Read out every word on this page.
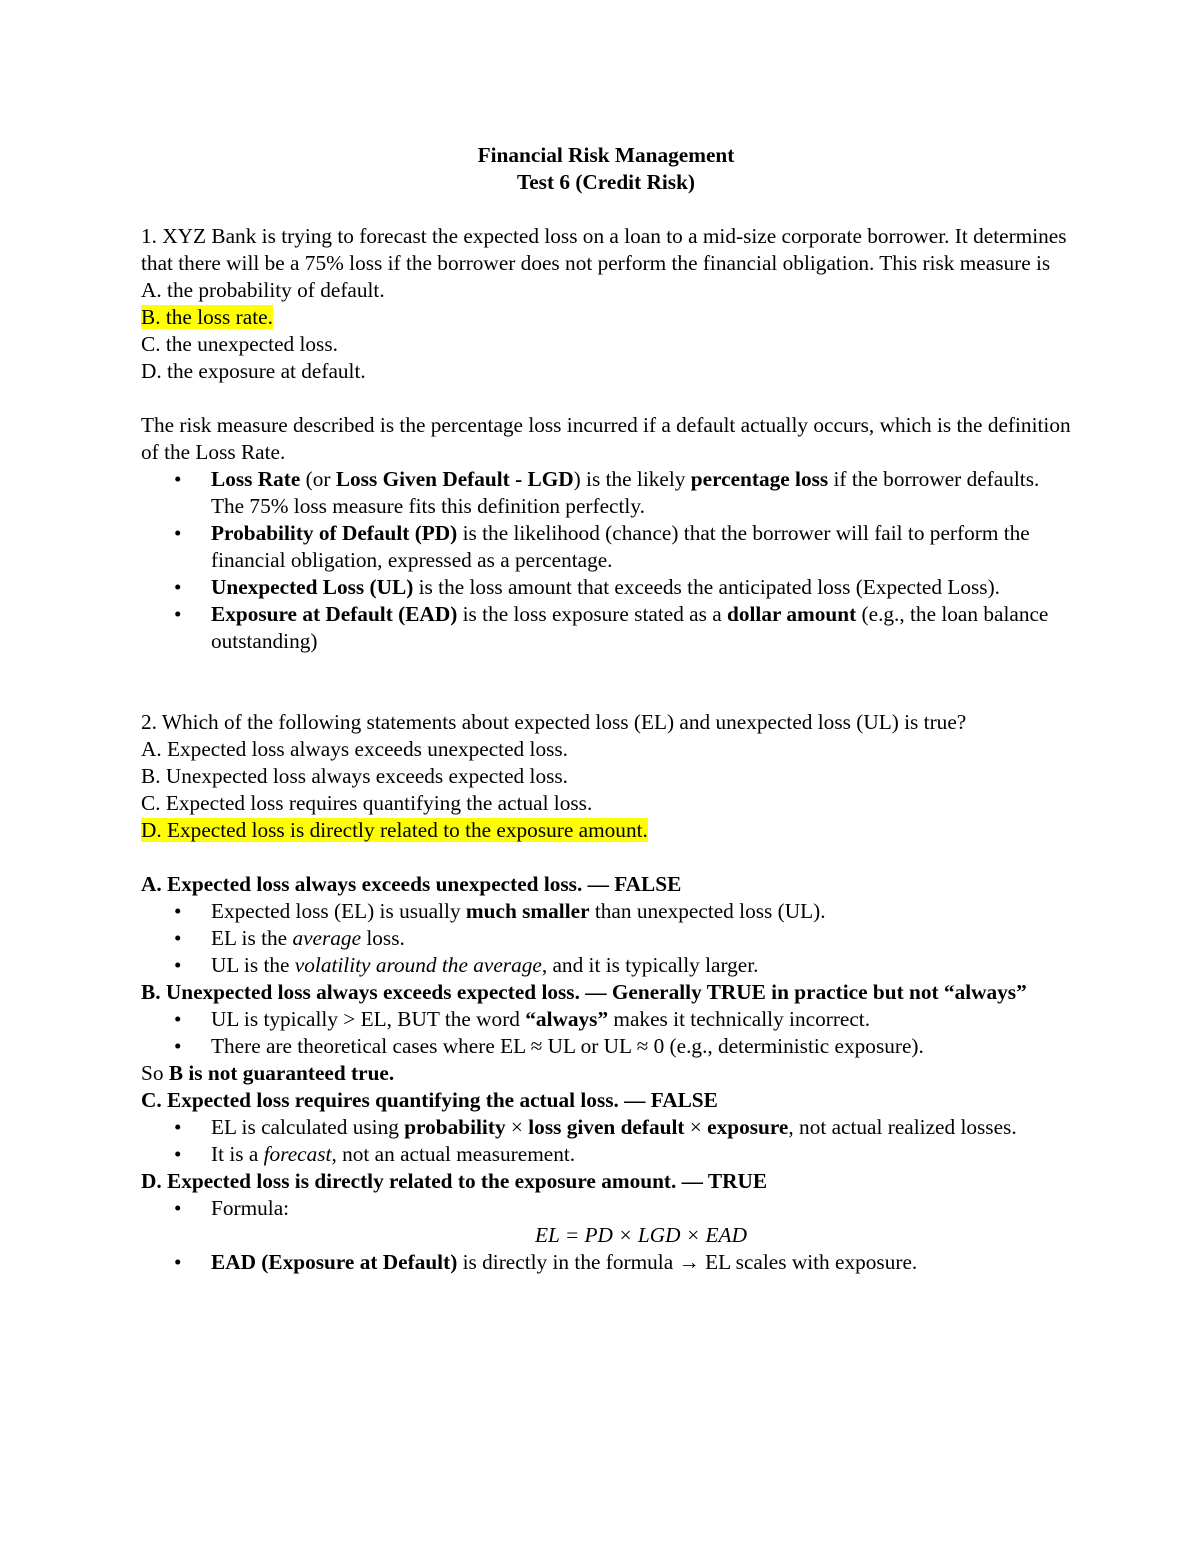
Financial Risk Management

Test 6 (Credit Risk)

1. XYZ Bank is trying to forecast the expected loss on a loan to a mid-size corporate borrower. It determines that there will be a 75% loss if the borrower does not perform the financial obligation. This risk measure is

A. the probability of default.

B. the loss rate.

C. the unexpected loss.

D. the exposure at default.

The risk measure described is the percentage loss incurred if a default actually occurs, which is the definition of the Loss Rate.

• Loss Rate (or Loss Given Default - LGD) is the likely percentage loss if the borrower defaults. The 75% loss measure fits this definition perfectly.
• Probability of Default (PD) is the likelihood (chance) that the borrower will fail to perform the financial obligation, expressed as a percentage.
• Unexpected Loss (UL) is the loss amount that exceeds the anticipated loss (Expected Loss).
• Exposure at Default (EAD) is the loss exposure stated as a dollar amount (e.g., the loan balance outstanding)

2. Which of the following statements about expected loss (EL) and unexpected loss (UL) is true?

A. Expected loss always exceeds unexpected loss.

B. Unexpected loss always exceeds expected loss.

C. Expected loss requires quantifying the actual loss.

D. Expected loss is directly related to the exposure amount.

A. Expected loss always exceeds unexpected loss. — FALSE

• Expected loss (EL) is usually much smaller than unexpected loss (UL).
• EL is the average loss.
• UL is the volatility around the average, and it is typically larger.

B. Unexpected loss always exceeds expected loss. — Generally TRUE in practice but not “always”

• UL is typically > EL, BUT the word “always” makes it technically incorrect.
• There are theoretical cases where EL ≈ UL or UL ≈ 0 (e.g., deterministic exposure).

So B is not guaranteed true.

C. Expected loss requires quantifying the actual loss. — FALSE

• EL is calculated using probability × loss given default × exposure, not actual realized losses.
• It is a forecast, not an actual measurement.

D. Expected loss is directly related to the exposure amount. — TRUE

• Formula:

EL = PD × LGD × EAD

• EAD (Exposure at Default) is directly in the formula → EL scales with exposure.
